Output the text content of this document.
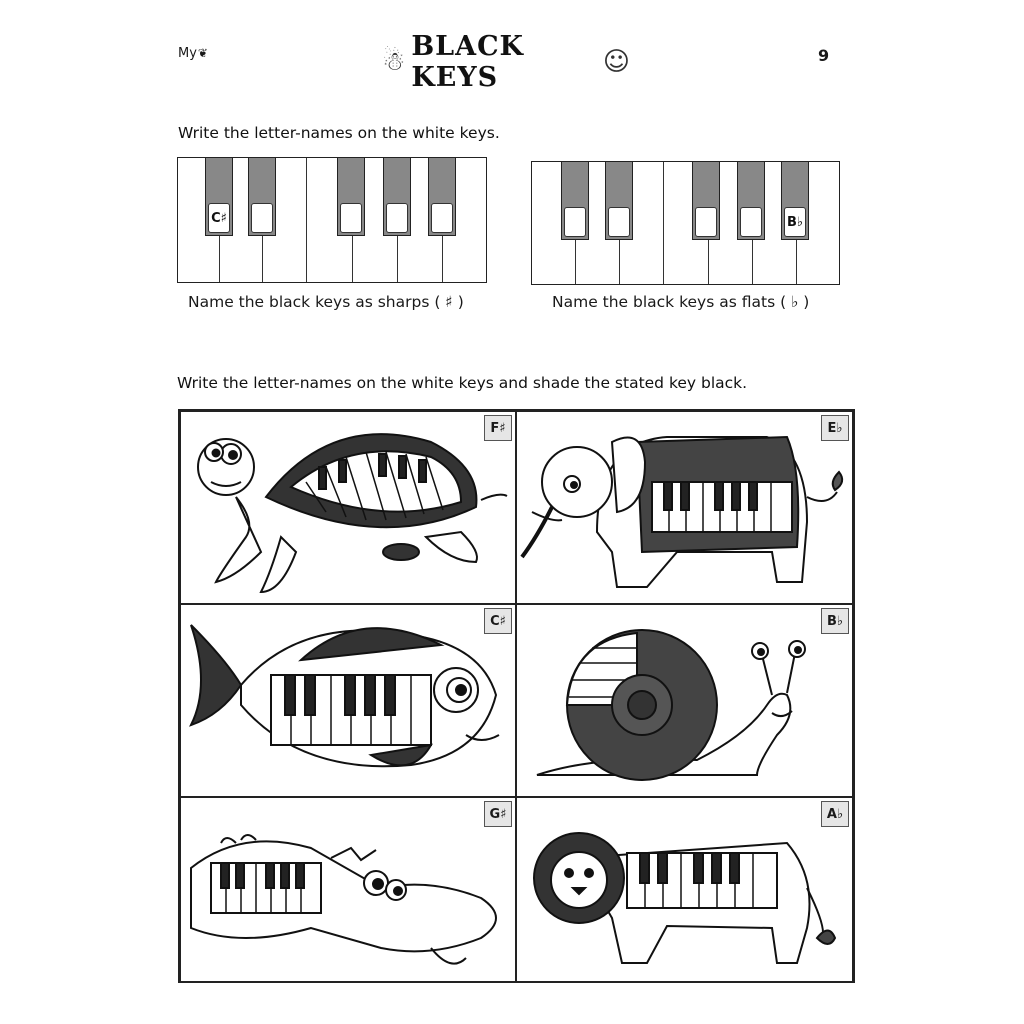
My❦	☃ BLACK KEYS	☺	9
Write the letter-names on the white keys.
C♯
Name the black keys as sharps ( ♯ )
B♭
Name the black keys as flats ( ♭ )
Write the letter-names on the white keys and shade the stated key black.
F♯	E♭
C♯	B♭
G♯	A♭
